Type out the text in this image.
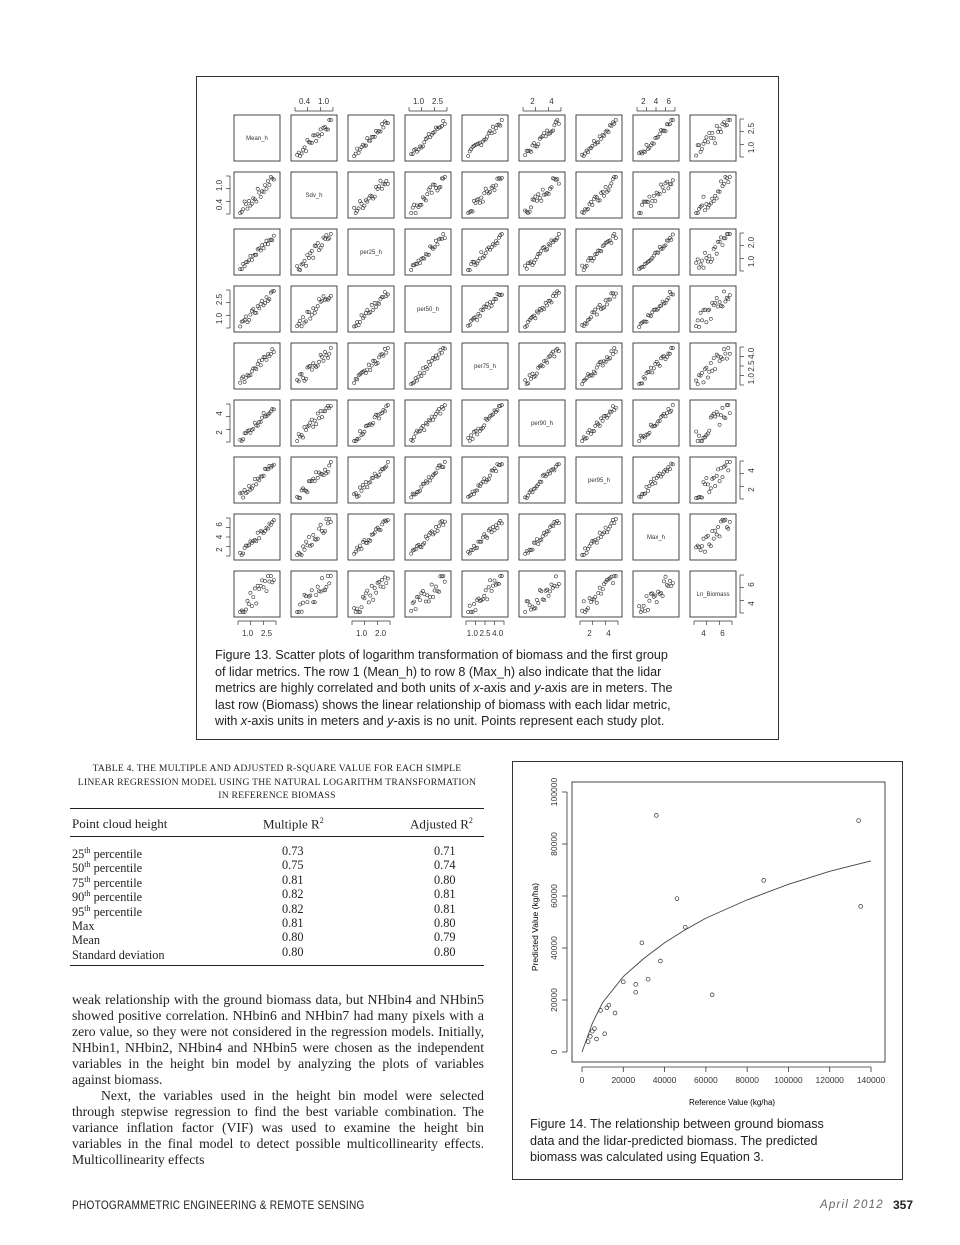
Mean_h
Sdv_h
per25_h
per50_h
per75_h
per90_h
per95_h
Max_h
Ln_Biomass
0.4 1.0	1.0 2.5	2 4	2 4 6
1.0 2.5	1.0 2.0	1.0 2.5 4.0	2 4	4 6
0.4
1.0
1.0
2.5
2
4
2
4
6
1.0
2.5
1.0
2.0
1.0
2.5
4.0
2
4
4
6
Figure 13. Scatter plots of logarithm transformation of biomass and the first group
of lidar metrics. The row 1 (Mean_h) to row 8 (Max_h) also indicate that the lidar
metrics are highly correlated and both units of x-axis and y-axis are in meters. The
last row (Biomass) shows the linear relationship of biomass with each lidar metric,
with x-axis units in meters and y-axis is no unit. Points represent each study plot.
TABLE 4. THE MULTIPLE AND ADJUSTED R-SQUARE VALUE FOR EACH SIMPLE
LINEAR REGRESSION MODEL USING THE NATURAL LOGARITHM TRANSFORMATION
IN REFERENCE BIOMASS
Point cloud height	Multiple $R^2$	Adjusted $R^2$
25th percentile	0.73	0.71
50th percentile	0.75	0.74
75th percentile	0.81	0.80
90th percentile	0.82	0.81
95th percentile	0.82	0.81
Max	0.81	0.80
Mean	0.80	0.79
Standard deviation	0.80	0.80

weak relationship with the ground biomass data, but NHbin4 and NHbin5 showed positive correlation. NHbin6 and NHbin7 had many pixels with a zero value, so they were not considered in the regression models. Initially, NHbin1, NHbin2, NHbin4 and NHbin5 were chosen as the independent variables in the height bin model by analyzing the plots of variables against biomass.

Next, the variables used in the height bin model were selected through stepwise regression to find the best variable combination. The variance inflation factor (VIF) was used to examine the height bin variables in the final model to detect possible multicollinearity effects. Multicollinearity effects

Reference Value (kg/ha)
Predicted Value (kg/ha)
0	20000 40000 60000 80000 100000 120000 140000
0
20000
40000
60000
80000
100000
Figure 14. The relationship between ground biomass
data and the lidar-predicted biomass. The predicted
biomass was calculated using Equation 3.
PHOTOGRAMMETRIC ENGINEERING & REMOTE SENSING	April 2012 357
